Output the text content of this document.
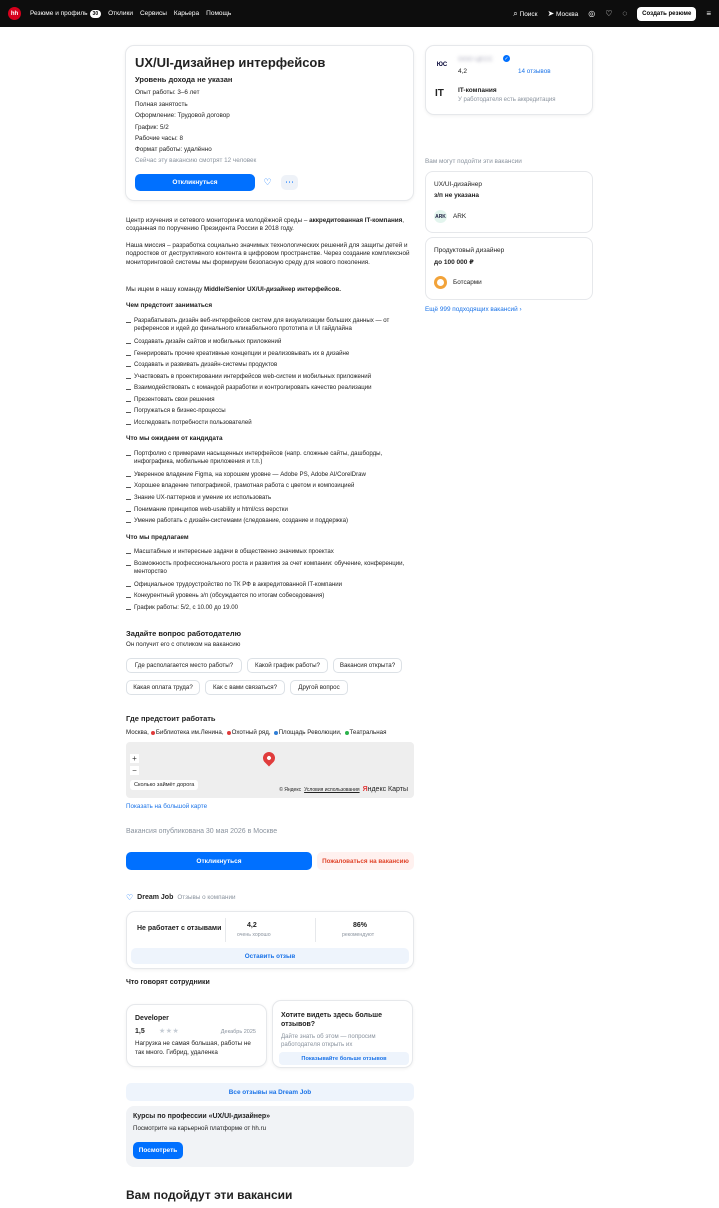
hh	Резюме и профиль 30	Отклики Сервисы Карьера Помощь	⌕ Поиск ➤ Москва ◎ ♡ ◌	Создать резюме	≡
UX/UI-дизайнер интерфейсов
Уровень дохода не указан
Опыт работы: 3–6 лет
Полная занятость
Оформление: Трудовой договор
График: 5/2
Рабочие часы: 8
Формат работы: удалённо
Сейчас эту вакансию смотрят 12 человек
Откликнуться	♡	⋯
ЮС
ООО ЦЕСС ✓
4,2	14 отзывов
IT IT-компания
У работодателя есть аккредитация
Вам могут подойти эти вакансии
UX/UI-дизайнер
з/п не указана
ARK ARK
Продуктовый дизайнер
до 100 000 ₽
Ботсарми
Ещё 999 подходящих вакансий ›
Центр изучения и сетевого мониторинга молодёжной среды – аккредитованная IT-компания, созданная по поручению Президента России в 2018 году.
Наша миссия – разработка социально значимых технологических решений для защиты детей и подростков от деструктивного контента в цифровом пространстве. Через создание комплексной мониторинговой системы мы формируем безопасную среду для нового поколения.
Мы ищем в нашу команду Middle/Senior UX/UI-дизайнер интерфейсов.
Чем предстоит заниматься
Разрабатывать дизайн веб-интерфейсов систем для визуализации больших данных — от референсов и идей до финального кликабельного прототипа и UI гайдлайна
Создавать дизайн сайтов и мобильных приложений
Генерировать прочие креативные концепции и реализовывать их в дизайне
Создавать и развивать дизайн-системы продуктов
Участвовать в проектировании интерфейсов web-систем и мобильных приложений
Взаимодействовать с командой разработки и контролировать качество реализации
Презентовать свои решения
Погружаться в бизнес-процессы
Исследовать потребности пользователей
Что мы ожидаем от кандидата
Портфолио с примерами насыщенных интерфейсов (напр. сложные сайты, дашборды, инфографика, мобильные приложения и т.п.)
Уверенное владение Figma, на хорошем уровне — Adobe PS, Adobe AI/CorelDraw
Хорошее владение типографикой, грамотная работа с цветом и композицией
Знание UX-паттернов и умение их использовать
Понимание принципов web-usability и html/css верстки
Умение работать с дизайн-системами (следование, создание и поддержка)
Что мы предлагаем
Масштабные и интересные задачи в общественно значимых проектах
Возможность профессионального роста и развития за счет компании: обучение, конференции, менторство
Официальное трудоустройство по ТК РФ в аккредитованной IT-компании
Конкурентный уровень з/п (обсуждается по итогам собеседования)
График работы: 5/2, с 10.00 до 19.00
Задайте вопрос работодателю
Он получит его с откликом на вакансию
Где располагается место работы?	Какой график работы?	Вакансия открыта?
Какая оплата труда?	Как с вами связаться?	Другой вопрос
Где предстоит работать
Москва, Библиотека им.Ленина, Охотный ряд, Площадь Революции, Театральная
+
−
Сколько займёт дорога
© Яндекс Условия использования Яндекс Карты
Показать на большой карте
Вакансия опубликована 30 мая 2026 в Москве
Откликнуться	Пожаловаться на вакансию
♡ Dream Job Отзывы о компании
Не работает с отзывами	4,2
очень хорошо
86%
рекомендуют
Оставить отзыв
Что говорят сотрудники
Developer
1,5 ★★★	Декабрь 2025
Нагрузка не самая большая, работы не так много. Гибрид, удаленка
Хотите видеть здесь больше отзывов?
Дайте знать об этом — попросим работодателя открыть их
Показывайте больше отзывов
Все отзывы на Dream Job
Курсы по профессии «UX/UI-дизайнер»
Посмотрите на карьерной платформе от hh.ru
Посмотреть
Вам подойдут эти вакансии
